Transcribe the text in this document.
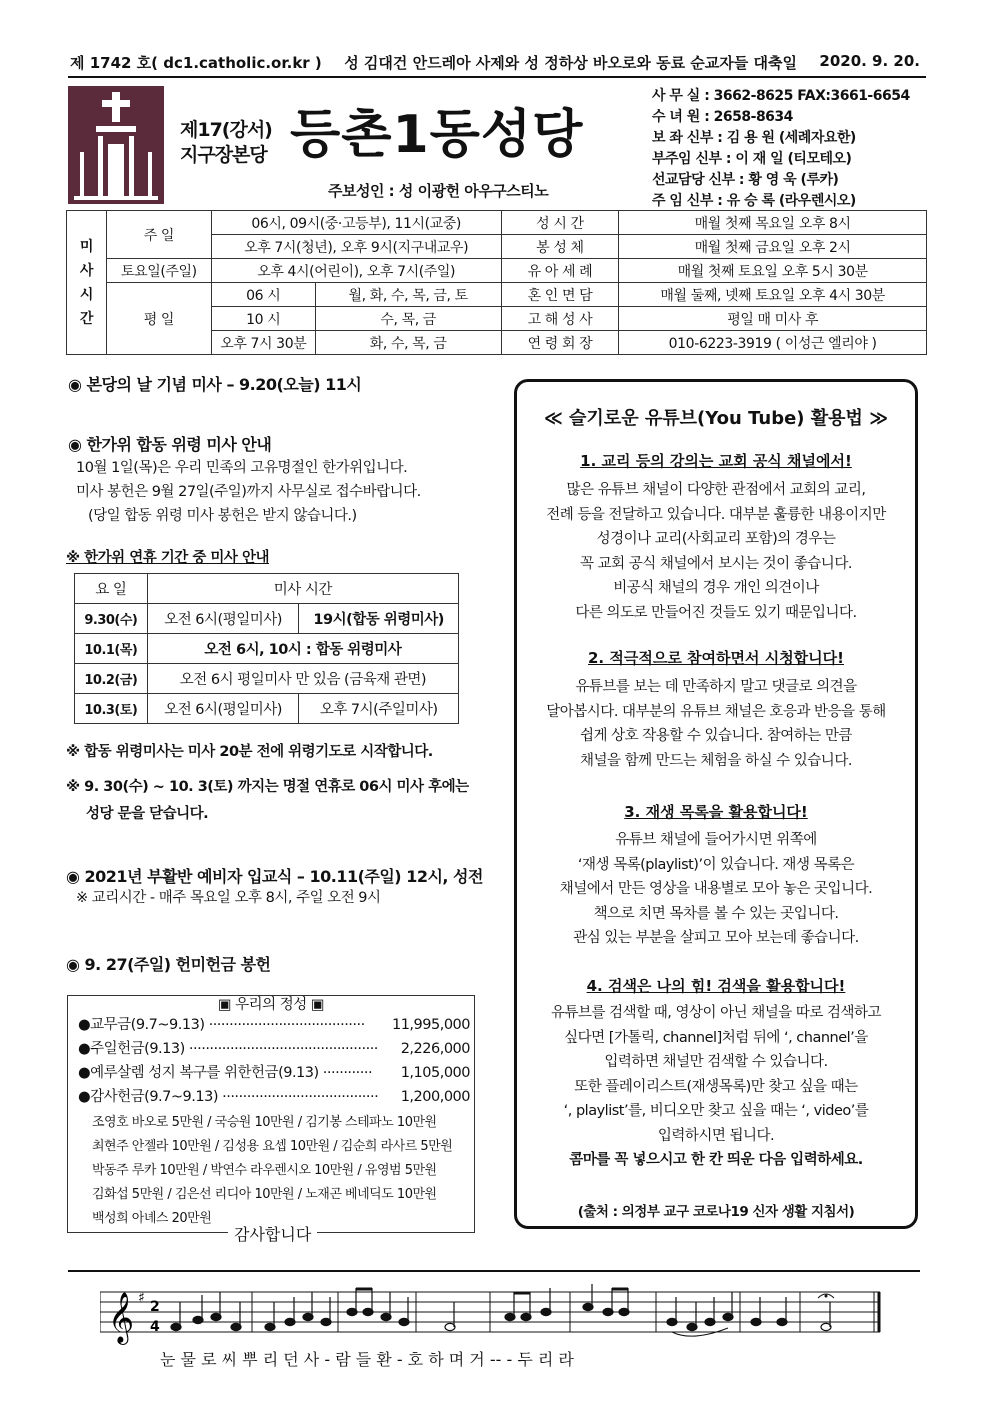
제 1742 호( dc1.catholic.or.kr ) 성 김대건 안드레아 사제와 성 정하상 바오로와 동료 순교자들 대축일 2020. 9. 20.
제17(강서)
지구장본당 등촌1동성당
주보성인 : 성 이광헌 아우구스티노
사 무 실 : 3662-8625 FAX:3661-6654
수 녀 원 : 2658-8634
보 좌 신부 : 김 용 원 (세례자요한)
부주임 신부 : 이 재 일 (티모테오)
선교담당 신부 : 황 영 욱 (루카)
주 임 신부 : 유 승 록 (라우렌시오)
미
사
시
간	주 일	06시, 09시(중·고등부), 11시(교중)		성 시 간	매월 첫째 목요일 오후 8시
		오후 7시(청년), 오후 9시(지구내교우)		봉 성 체	매월 첫째 금요일 오후 2시
	토요일(주일)	오후 4시(어린이), 오후 7시(주일)		유 아 세 례	매월 첫째 토요일 오후 5시 30분
	평 일	06 시	월, 화, 수, 목, 금, 토	혼 인 면 담	매월 둘째, 넷째 토요일 오후 4시 30분
		10 시	수, 목, 금	고 해 성 사	평일 매 미사 후
		오후 7시 30분	화, 수, 목, 금	연 령 회 장	010-6223-3919 ( 이성근 엘리야 )
◉ 본당의 날 기념 미사 – 9.20(오늘) 11시
◉ 한가위 합동 위령 미사 안내
10월 1일(목)은 우리 민족의 고유명절인 한가위입니다.
미사 봉헌은 9월 27일(주일)까지 사무실로 접수바랍니다.
(당일 합동 위령 미사 봉헌은 받지 않습니다.)
※ 한가위 연휴 기간 중 미사 안내
요 일	미사 시간	
9.30(수)	오전 6시(평일미사)	19시(합동 위령미사)
10.1(목)	오전 6시, 10시 : 합동 위령미사	
10.2(금)	오전 6시 평일미사 만 있음 (금육재 관면)	
10.3(토)	오전 6시(평일미사)	오후 7시(주일미사)
※ 합동 위령미사는 미사 20분 전에 위령기도로 시작합니다.
※ 9. 30(수) ~ 10. 3(토) 까지는 명절 연휴로 06시 미사 후에는
성당 문을 닫습니다.
◉ 2021년 부활반 예비자 입교식 – 10.11(주일) 12시, 성전
※ 교리시간 - 매주 목요일 오후 8시, 주일 오전 9시
◉ 9. 27(주일) 헌미헌금 봉헌
▣ 우리의 정성 ▣
●교무금(9.7~9.13) ······································ 11,995,000
●주일헌금(9.13) ·············································· 2,226,000
●예루살렘 성지 복구를 위한헌금(9.13) ············ 1,105,000
●감사헌금(9.7~9.13) ······································ 1,200,000
조영호 바오로 5만원 / 국승원 10만원 / 김기봉 스테파노 10만원
최현주 안젤라 10만원 / 김성용 요셉 10만원 / 김순희 라사르 5만원
박동주 루카 10만원 / 박연수 라우렌시오 10만원 / 유영범 5만원
김화섭 5만원 / 김은선 리디아 10만원 / 노재곤 베네딕도 10만원
백성희 아녜스 20만원
감사합니다
≪ 슬기로운 유튜브(You Tube) 활용법 ≫
1. 교리 등의 강의는 교회 공식 채널에서!
많은 유튜브 채널이 다양한 관점에서 교회의 교리,
전례 등을 전달하고 있습니다. 대부분 훌륭한 내용이지만
성경이나 교리(사회교리 포함)의 경우는
꼭 교회 공식 채널에서 보시는 것이 좋습니다.
비공식 채널의 경우 개인 의견이나
다른 의도로 만들어진 것들도 있기 때문입니다.
2. 적극적으로 참여하면서 시청합니다!
유튜브를 보는 데 만족하지 말고 댓글로 의견을
달아봅시다. 대부분의 유튜브 채널은 호응과 반응을 통해
쉽게 상호 작용할 수 있습니다. 참여하는 만큼
채널을 함께 만드는 체험을 하실 수 있습니다.
3. 재생 목록을 활용합니다!
유튜브 채널에 들어가시면 위쪽에
‘재생 목록(playlist)’이 있습니다. 재생 목록은
채널에서 만든 영상을 내용별로 모아 놓은 곳입니다.
책으로 치면 목차를 볼 수 있는 곳입니다.
관심 있는 부분을 살피고 모아 보는데 좋습니다.
4. 검색은 나의 힘! 검색을 활용합니다!
유튜브를 검색할 때, 영상이 아닌 채널을 따로 검색하고
싶다면 [가톨릭, channel]처럼 뒤에 ‘, channel’을
입력하면 채널만 검색할 수 있습니다.
또한 플레이리스트(재생목록)만 찾고 싶을 때는
‘, playlist’를, 비디오만 찾고 싶을 때는 ‘, video’를
입력하시면 됩니다.
콤마를 꼭 넣으시고 한 칸 띄운 다음 입력하세요.
(출처 : 의정부 교구 코로나19 신자 생활 지침서)
𝄞 ♯
2
4
눈 물 로 씨 뿌 리 던 사 - 람 들 환 - 호 하 며 거 -- - 두 리 라
